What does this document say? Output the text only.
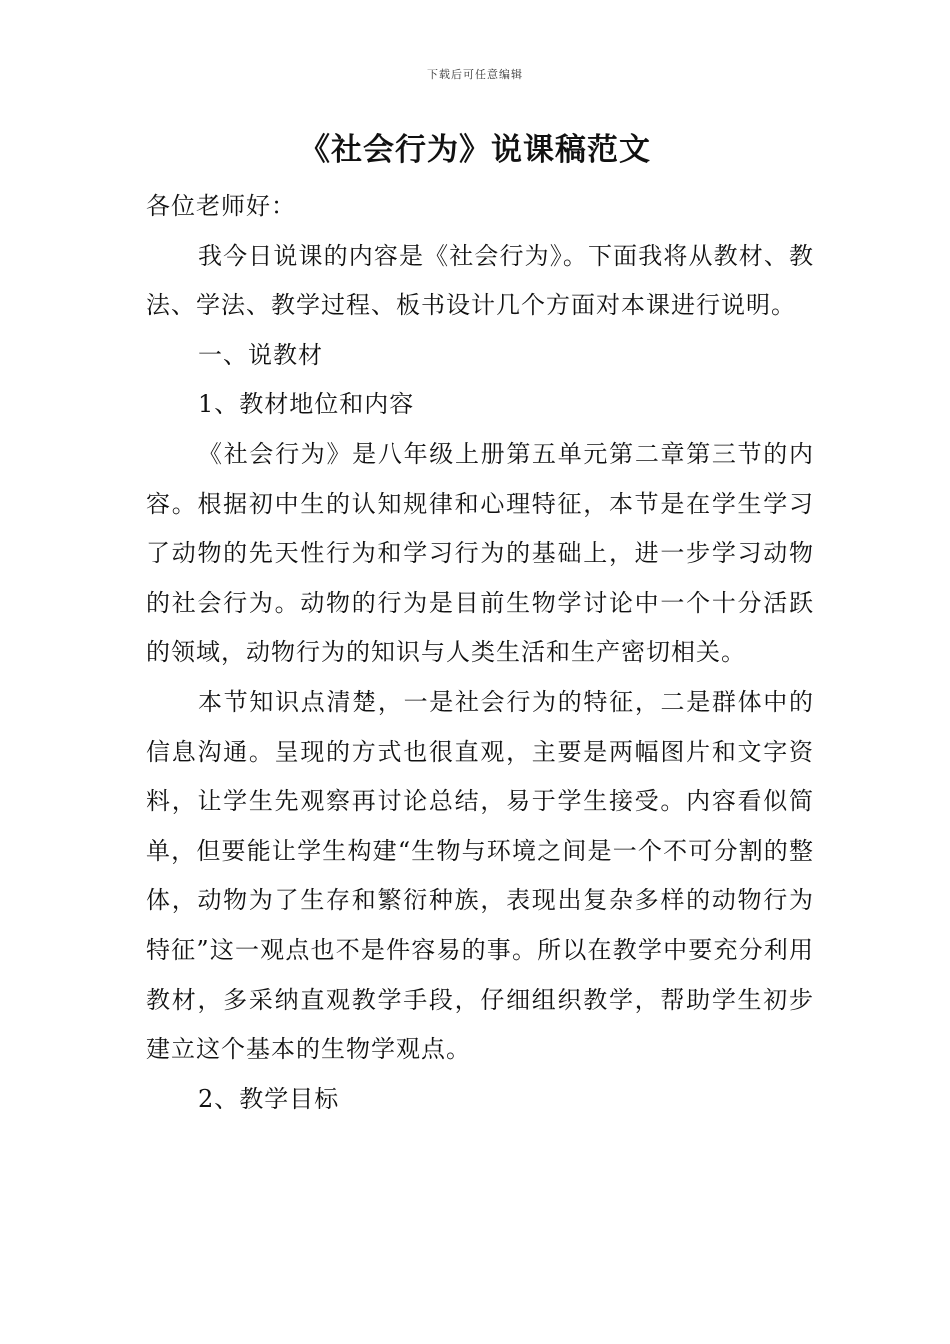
下载后可任意编辑
《社会行为》说课稿范文

各位老师好：

我今日说课的内容是《社会行为》。下面我将从教材、教法、学法、教学过程、板书设计几个方面对本课进行说明。

一、说教材

1、教材地位和内容

《社会行为》是八年级上册第五单元第二章第三节的内容。根据初中生的认知规律和心理特征，本节是在学生学习了动物的先天性行为和学习行为的基础上，进一步学习动物的社会行为。动物的行为是目前生物学讨论中一个十分活跃的领域，动物行为的知识与人类生活和生产密切相关。

本节知识点清楚，一是社会行为的特征，二是群体中的信息沟通。呈现的方式也很直观，主要是两幅图片和文字资料，让学生先观察再讨论总结，易于学生接受。内容看似简单，但要能让学生构建“生物与环境之间是一个不可分割的整体，动物为了生存和繁衍种族，表现出复杂多样的动物行为特征”这一观点也不是件容易的事。所以在教学中要充分利用教材，多采纳直观教学手段，仔细组织教学，帮助学生初步建立这个基本的生物学观点。

2、教学目标
